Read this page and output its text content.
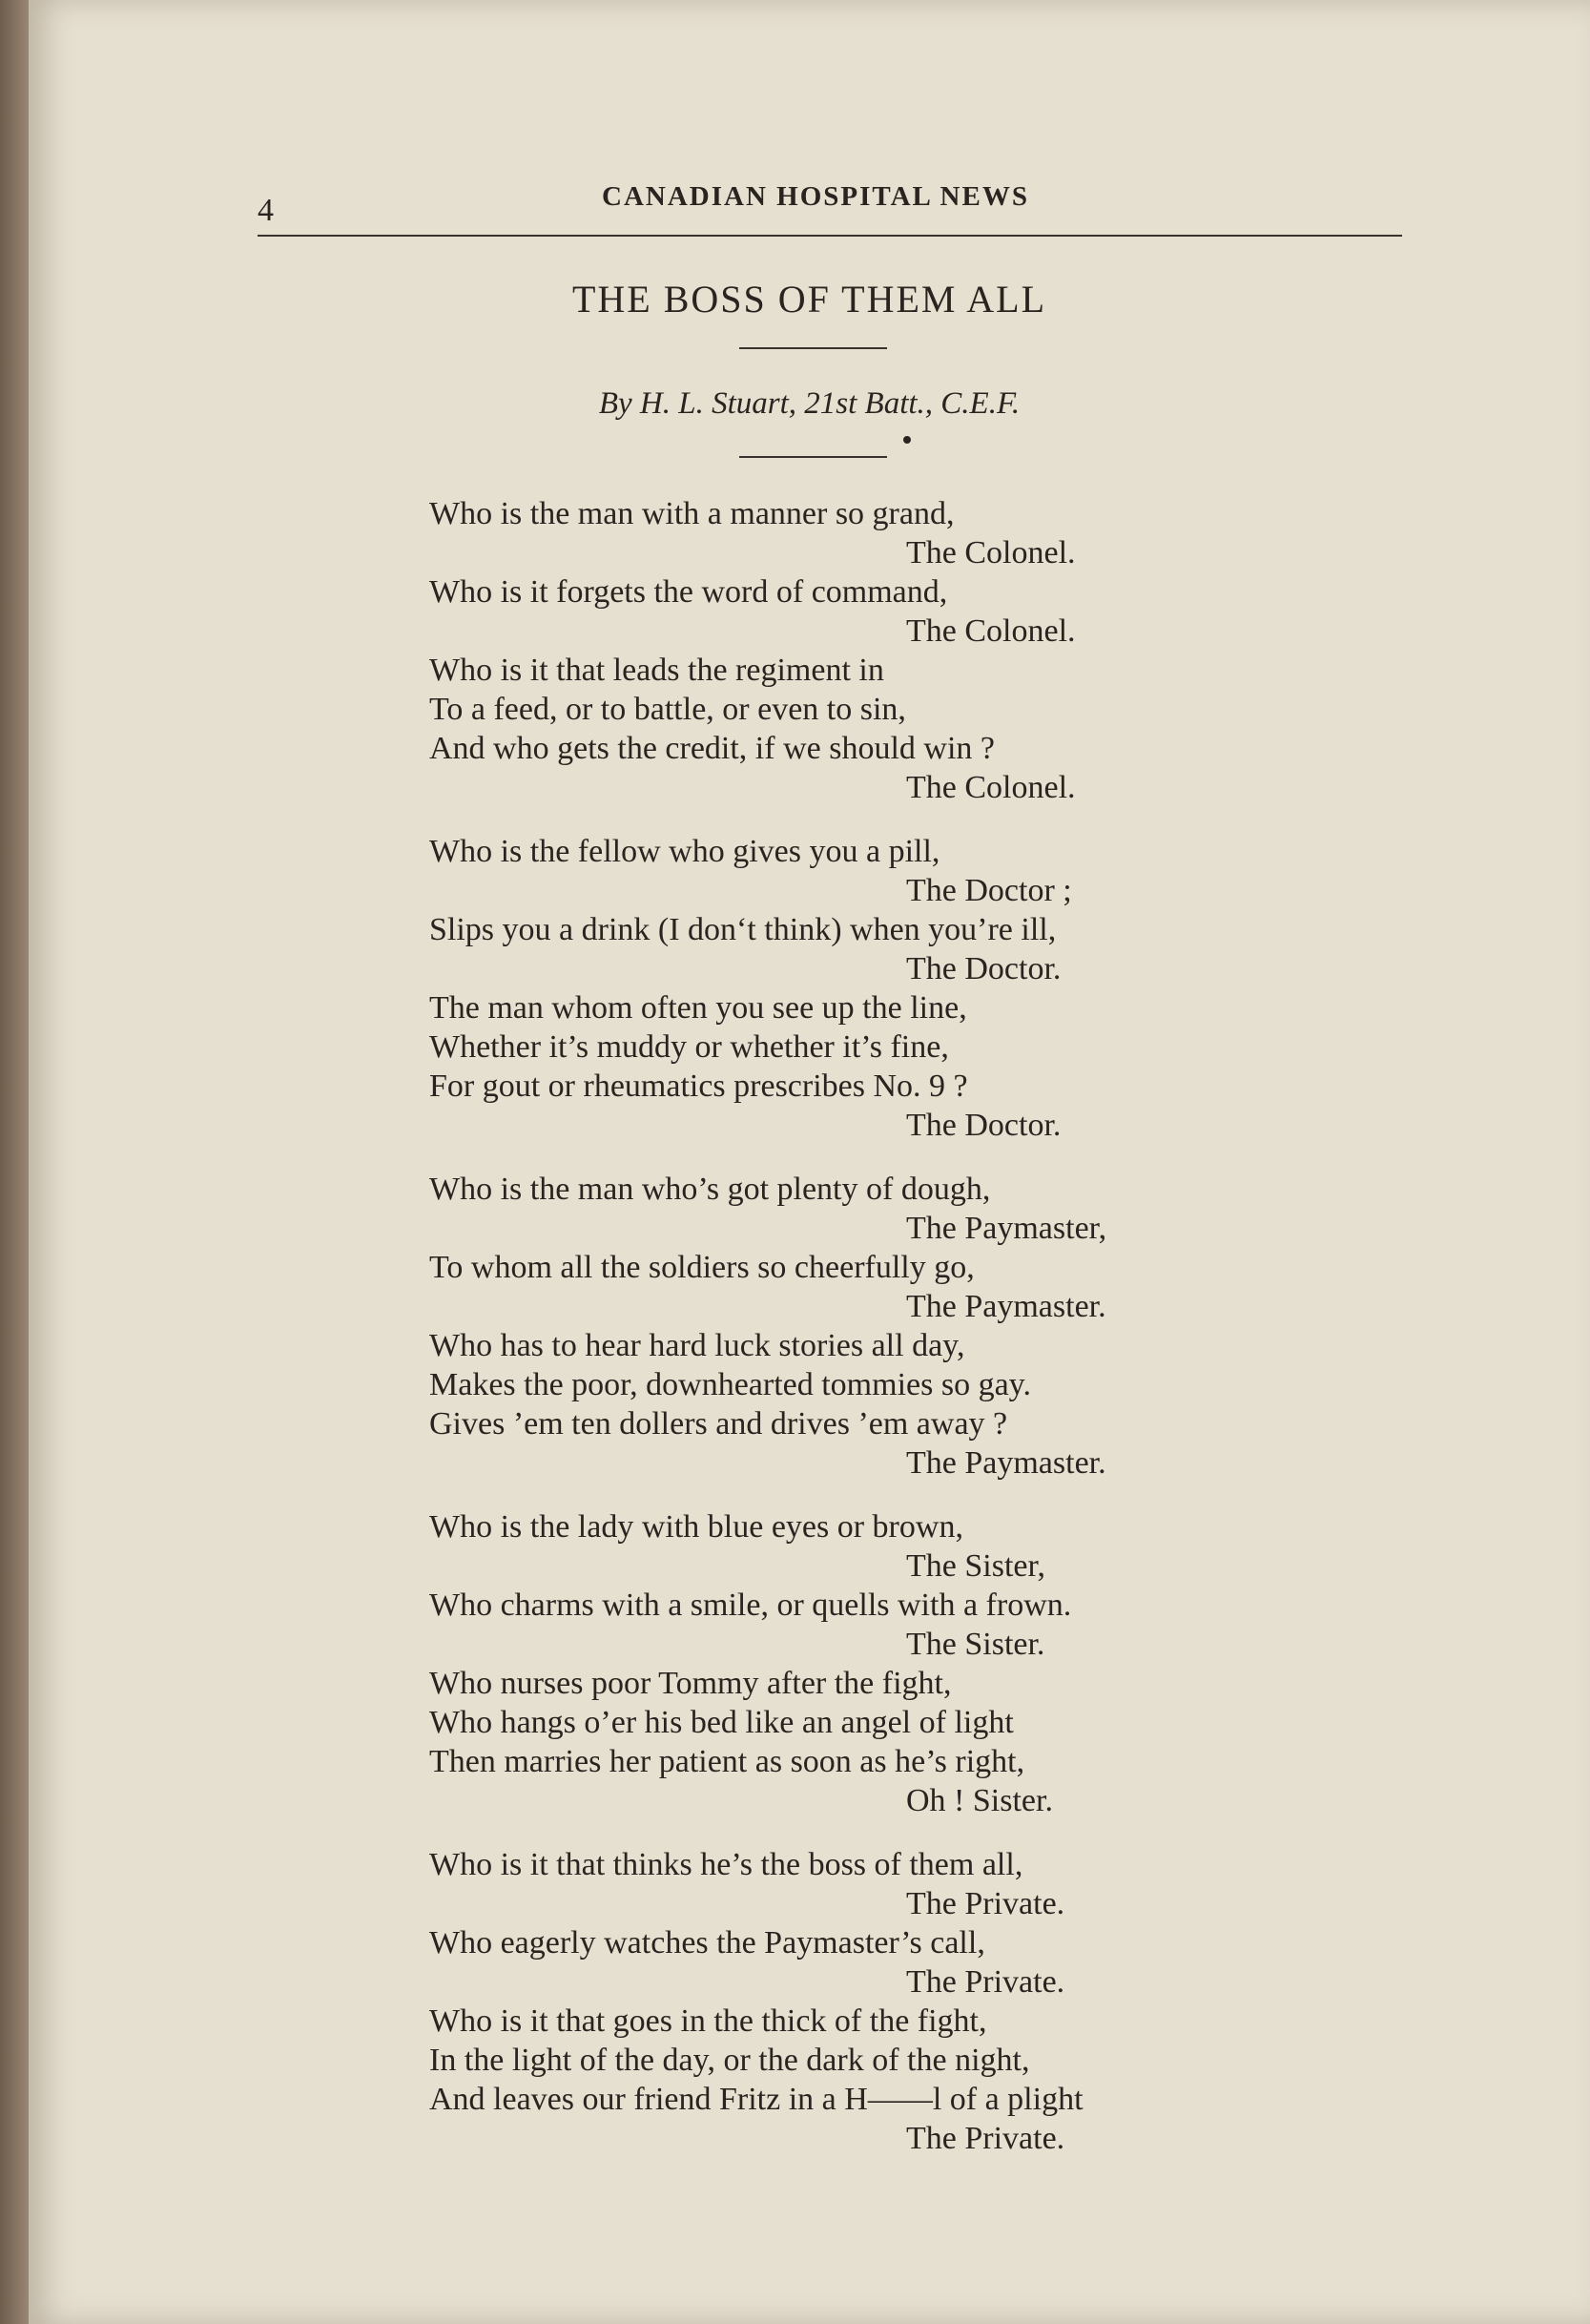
4	CANADIAN HOSPITAL NEWS
THE BOSS OF THEM ALL
By H. L. Stuart, 21st Batt., C.E.F.
Who is the man with a manner so grand,
The Colonel.
Who is it forgets the word of command,
The Colonel.
Who is it that leads the regiment in
To a feed, or to battle, or even to sin,
And who gets the credit, if we should win ?
The Colonel.
Who is the fellow who gives you a pill,
The Doctor ;
Slips you a drink (I don‘t think) when you’re ill,
The Doctor.
The man whom often you see up the line,
Whether it’s muddy or whether it’s fine,
For gout or rheumatics prescribes No. 9 ?
The Doctor.
Who is the man who’s got plenty of dough,
The Paymaster,
To whom all the soldiers so cheerfully go,
The Paymaster.
Who has to hear hard luck stories all day,
Makes the poor, downhearted tommies so gay.
Gives ’em ten dollers and drives ’em away ?
The Paymaster.
Who is the lady with blue eyes or brown,
The Sister,
Who charms with a smile, or quells with a frown.
The Sister.
Who nurses poor Tommy after the fight,
Who hangs o’er his bed like an angel of light
Then marries her patient as soon as he’s right,
Oh ! Sister.
Who is it that thinks he’s the boss of them all,
The Private.
Who eagerly watches the Paymaster’s call,
The Private.
Who is it that goes in the thick of the fight,
In the light of the day, or the dark of the night,
And leaves our friend Fritz in a H——l of a plight
The Private.
